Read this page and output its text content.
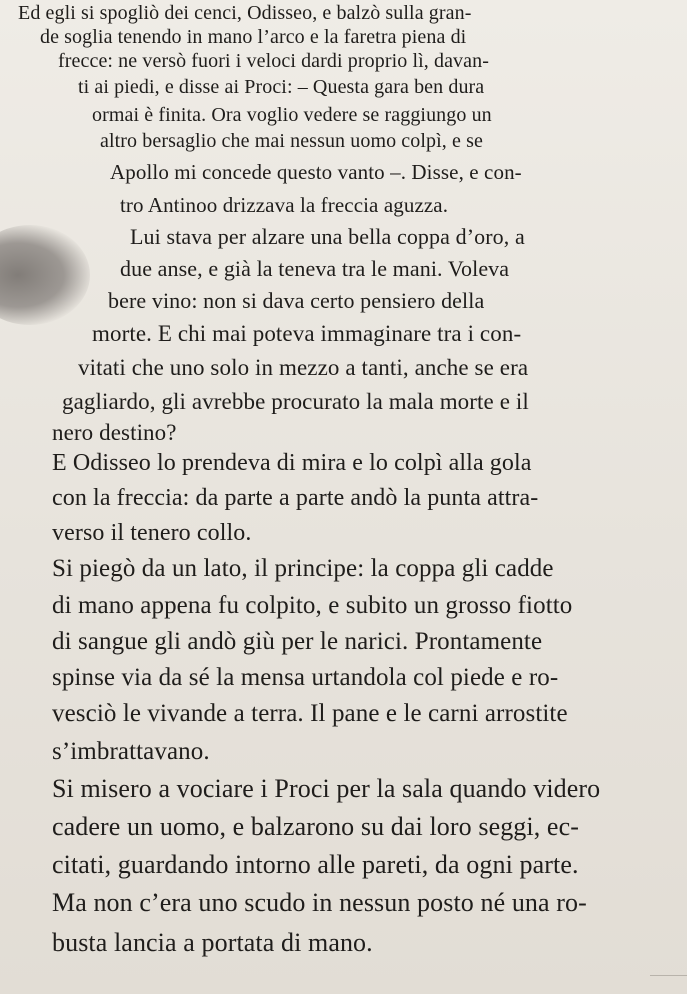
Ed egli si spogliò dei cenci, Odisseo, e balzò sulla gran-
de soglia tenendo in mano l’arco e la faretra piena di
frecce: ne versò fuori i veloci dardi proprio lì, davan-
ti ai piedi, e disse ai Proci: – Questa gara ben dura
ormai è finita. Ora voglio vedere se raggiungo un
altro bersaglio che mai nessun uomo colpì, e se
Apollo mi concede questo vanto –. Disse, e con-
tro Antinoo drizzava la freccia aguzza.
Lui stava per alzare una bella coppa d’oro, a
due anse, e già la teneva tra le mani. Voleva
bere vino: non si dava certo pensiero della
morte. E chi mai poteva immaginare tra i con-
vitati che uno solo in mezzo a tanti, anche se era
gagliardo, gli avrebbe procurato la mala morte e il
nero destino?
E Odisseo lo prendeva di mira e lo colpì alla gola
con la freccia: da parte a parte andò la punta attra-
verso il tenero collo.
Si piegò da un lato, il principe: la coppa gli cadde
di mano appena fu colpito, e subito un grosso fiotto
di sangue gli andò giù per le narici. Prontamente
spinse via da sé la mensa urtandola col piede e ro-
vesciò le vivande a terra. Il pane e le carni arrostite
s’imbrattavano.
Si misero a vociare i Proci per la sala quando videro
cadere un uomo, e balzarono su dai loro seggi, ec-
citati, guardando intorno alle pareti, da ogni parte.
Ma non c’era uno scudo in nessun posto né una ro-
busta lancia a portata di mano.
